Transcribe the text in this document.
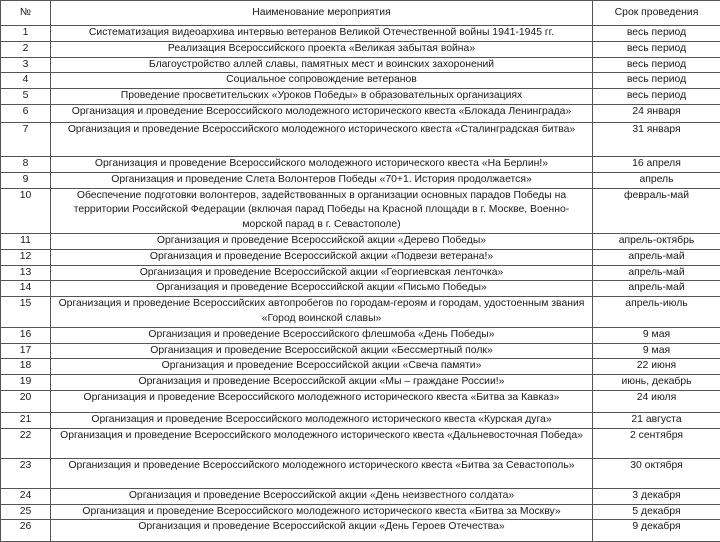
№	Наименование мероприятия	Срок проведения
1	Систематизация видеоархива интервью ветеранов Великой Отечественной войны 1941-1945 гг.	весь период
2	Реализация Всероссийского проекта «Великая забытая война»	весь период
3	Благоустройство аллей славы, памятных мест и воинских захоронений	весь период
4	Социальное сопровождение ветеранов	весь период
5	Проведение просветительских «Уроков Победы» в образовательных организациях	весь период
6	Организация и проведение Всероссийского молодежного исторического квеста «Блокада Ленинграда»	24 января
7	Организация и проведение Всероссийского молодежного исторического квеста «Сталинградская битва»	31 января
8	Организация и проведение Всероссийского молодежного исторического квеста «На Берлин!»	16 апреля
9	Организация и проведение Слета Волонтеров Победы «70+1. История продолжается»	апрель
10	Обеспечение подготовки волонтеров, задействованных в организации основных парадов Победы на территории Российской Федерации (включая парад Победы на Красной площади в г. Москве, Военно-морской парад в г. Севастополе)	февраль-май
11	Организация и проведение Всероссийской акции «Дерево Победы»	апрель-октябрь
12	Организация и проведение Всероссийской акции «Подвези ветерана!»	апрель-май
13	Организация и проведение Всероссийской акции «Георгиевская ленточка»	апрель-май
14	Организация и проведение Всероссийской акции «Письмо Победы»	апрель-май
15	Организация и проведение Всероссийских автопробегов по городам-героям и городам, удостоенным звания «Город воинской славы»	апрель-июль
16	Организация и проведение Всероссийского флешмоба «День Победы»	9 мая
17	Организация и проведение Всероссийской акции «Бессмертный полк»	9 мая
18	Организация и проведение Всероссийской акции «Свеча памяти»	22 июня
19	Организация и проведение Всероссийской акции «Мы – граждане России!»	июнь, декабрь
20	Организация и проведение Всероссийского молодежного исторического квеста «Битва за Кавказ»	24 июля
21	Организация и проведение Всероссийского молодежного исторического квеста «Курская дуга»	21 августа
22	Организация и проведение Всероссийского молодежного исторического квеста «Дальневосточная Победа»	2 сентября
23	Организация и проведение Всероссийского молодежного исторического квеста «Битва за Севастополь»	30 октября
24	Организация и проведение Всероссийской акции «День неизвестного солдата»	3 декабря
25	Организация и проведение Всероссийского молодежного исторического квеста «Битва за Москву»	5 декабря
26	Организация и проведение Всероссийской акции «День Героев Отечества»	9 декабря
